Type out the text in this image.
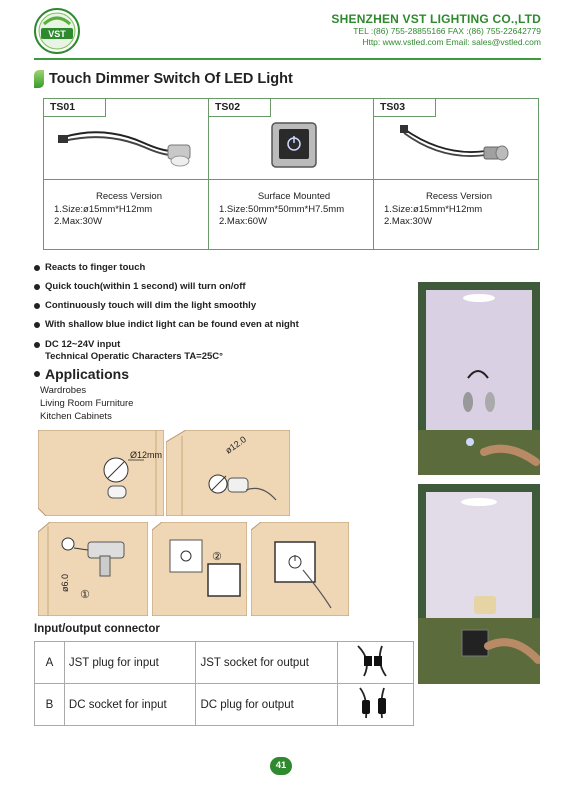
VST
SHENZHEN VST LIGHTING CO.,LTD
TEL :(86) 755-28855166 FAX :(86) 755-22642779
Http: www.vstled.com Email: sales@vstled.com
Touch Dimmer Switch Of LED Light
TS01
Recess Version
1.Size:ø15mm*H12mm
2.Max:30W
TS02
Surface Mounted
1.Size:50mm*50mm*H7.5mm
2.Max:60W
TS03
Recess Version
1.Size:ø15mm*H12mm
2.Max:30W
Reacts to finger touch
Quick touch(within 1 second) will turn on/off
Continuously touch will dim the light smoothly
With shallow blue indict light can be found even at night
DC 12~24V input
Technical Operatic Characters TA=25C°
Applications
Wardrobes
Living Room Furniture
Kitchen Cabinets
Ø12mm	ø12.0
ø6.0
①
②
Input/output connector
A	JST plug for input	JST socket for output	
B	DC socket for input	DC plug for output	
41
